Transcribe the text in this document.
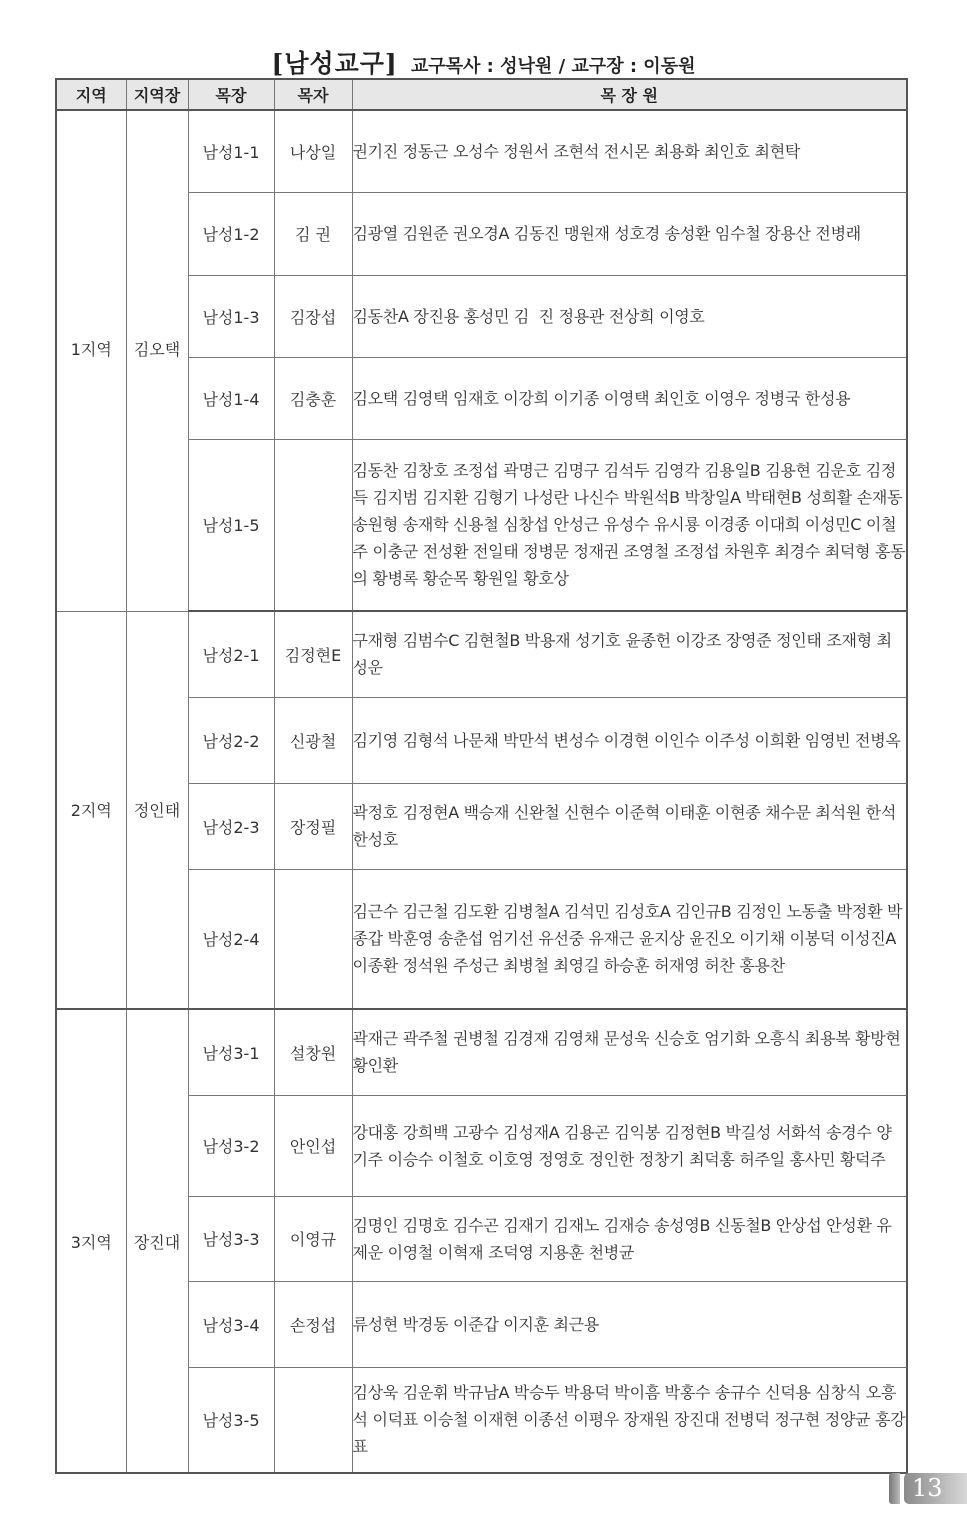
[남성교구] 교구목사 : 성낙원 / 교구장 : 이동원
지역	지역장	목장	목자	목 장 원

1지역	김오택	남성1-1	나상일	권기진 정동근 오성수 정원서 조현석 전시몬 최용화 최인호 최현탁
		남성1-2	김 권	김광열 김원준 권오경A 김동진 맹원재 성호경 송성환 임수철 장용산 전병래
		남성1-3	김장섭	김동찬A 장진용 홍성민 김  진 정용관 전상희 이영호
		남성1-4	김충훈	김오택 김영택 임재호 이강희 이기종 이영택 최인호 이영우 정병국 한성용
		남성1-5		김동찬 김창호 조정섭 곽명근 김명구 김석두 김영각 김용일B 김용현 김운호 김정득 김지범 김지환 김형기 나성란 나신수 박원석B 박창일A 박태현B 성희활 손재동 송원형 송재학 신용철 심창섭 안성근 유성수 유시룡 이경종 이대희 이성민C 이철주 이충군 전성환 전일태 정병문 정재권 조영철 조정섭 차원후 최경수 최덕형 홍동의 황병록 황순목 황원일 황호상
2지역	정인태	남성2-1	김정현E	구재형 김범수C 김현철B 박용재 성기호 윤종헌 이강조 장영준 정인태 조재형 최성운
		남성2-2	신광철	김기영 김형석 나문채 박만석 변성수 이경현 이인수 이주성 이희환 임영빈 전병옥
		남성2-3	장정필	곽정호 김정현A 백승재 신완철 신현수 이준혁 이태훈 이현종 채수문 최석원 한석 한성호
		남성2-4		김근수 김근철 김도환 김병철A 김석민 김성호A 김인규B 김정인 노동출 박정환 박종갑 박훈영 송춘섭 엄기선 유선중 유재근 윤지상 윤진오 이기채 이봉덕 이성진A 이종환 정석원 주성근 최병철 최영길 하승훈 허재영 허찬 홍용찬
3지역	장진대	남성3-1	설창원	곽재근 곽주철 권병철 김경재 김영채 문성욱 신승호 엄기화 오흥식 최용복 황방현 황인환
		남성3-2	안인섭	강대홍 강희백 고광수 김성재A 김용곤 김익봉 김정현B 박길성 서화석 송경수 양기주 이승수 이철호 이호영 정영호 정인한 정창기 최덕홍 허주일 홍사민 황덕주
		남성3-3	이영규	김명인 김명호 김수곤 김재기 김재노 김재승 송성영B 신동철B 안상섭 안성환 유제운 이영철 이혁재 조덕영 지용훈 천병균
		남성3-4	손정섭	류성현 박경동 이준갑 이지훈 최근용
		남성3-5		김상욱 김운휘 박규남A 박승두 박용덕 박이흠 박홍수 송규수 신덕용 심창식 오흥석 이덕표 이승철 이재현 이종선 이평우 장재원 장진대 전병덕 정구현 정양균 홍강표
13
